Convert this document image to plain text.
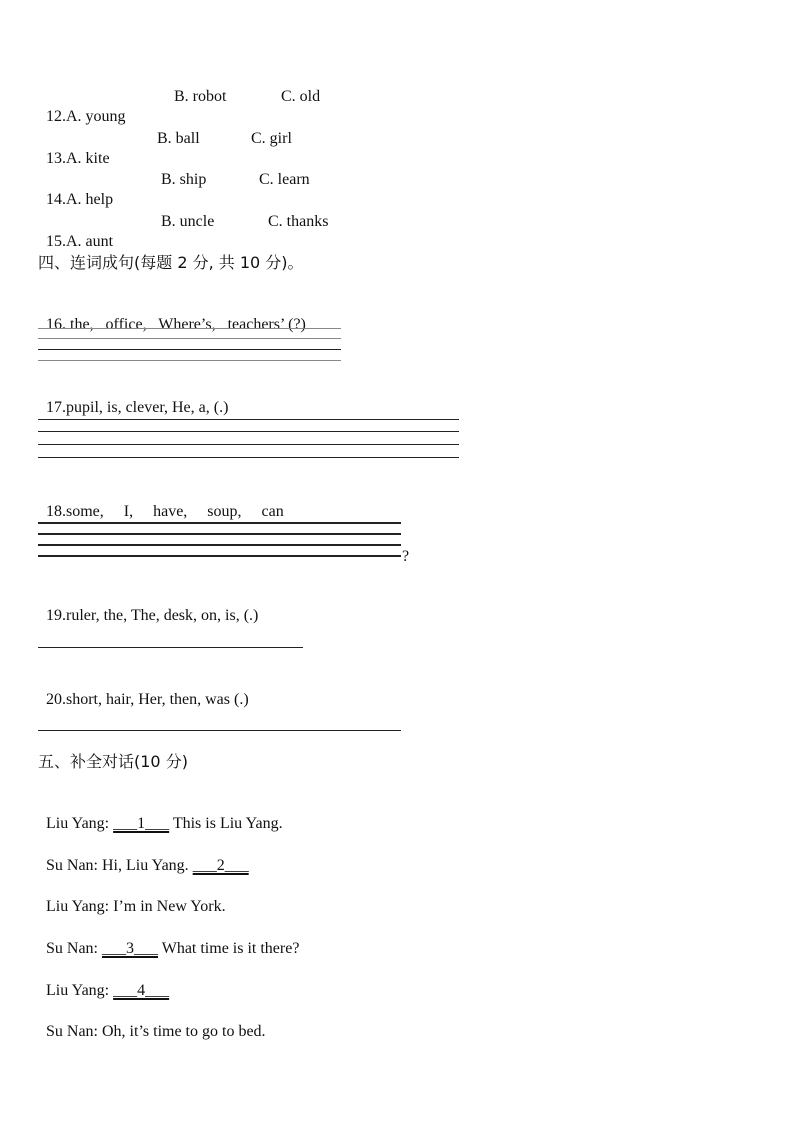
12.A. young

B. robot

	C. old

13.A. kite

B. ball

	C. girl

14.A. help

B. ship

	C. learn

15.A. aunt

B. uncle

	C. thanks

四、连词成句(每题 2 分, 共 10 分)。

16. the,   office,   Where’s,   teachers’ (?)

17.pupil, is, clever, He, a, (.)

18.some,     I,     have,     soup,     can

?

19.ruler, the, The, desk, on, is, (.)

20.short, hair, Her, then, was (.)

五、补全对话(10 分)

Liu Yang: ___1___ This is Liu Yang.

Su Nan: Hi, Liu Yang. ___2___

Liu Yang: I’m in New York.

Su Nan: ___3___ What time is it there?

Liu Yang: ___4___

Su Nan: Oh, it’s time to go to bed.
